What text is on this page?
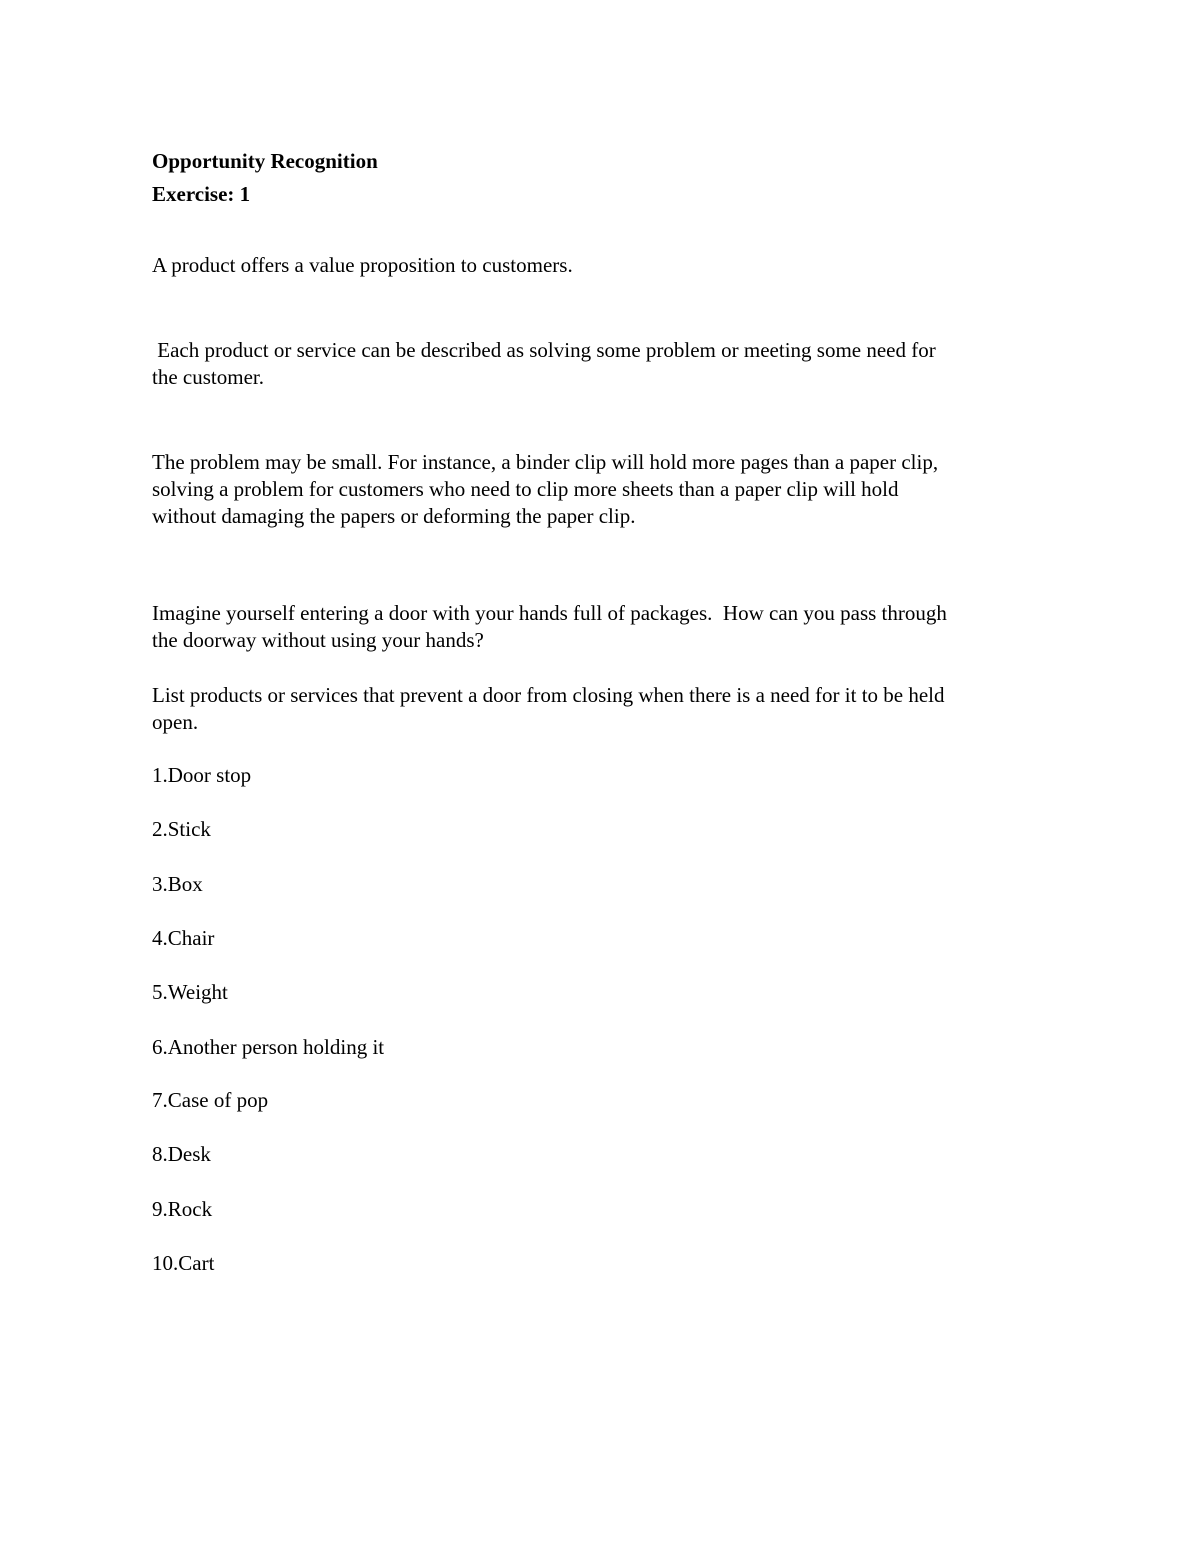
Opportunity Recognition
Exercise: 1
A product offers a value proposition to customers.
Each product or service can be described as solving some problem or meeting some need for
the customer.
The problem may be small. For instance, a binder clip will hold more pages than a paper clip,
solving a problem for customers who need to clip more sheets than a paper clip will hold
without damaging the papers or deforming the paper clip.
Imagine yourself entering a door with your hands full of packages.  How can you pass through
the doorway without using your hands?
List products or services that prevent a door from closing when there is a need for it to be held
open.
1.Door stop
2.Stick
3.Box
4.Chair
5.Weight
6.Another person holding it
7.Case of pop
8.Desk
9.Rock
10.Cart
